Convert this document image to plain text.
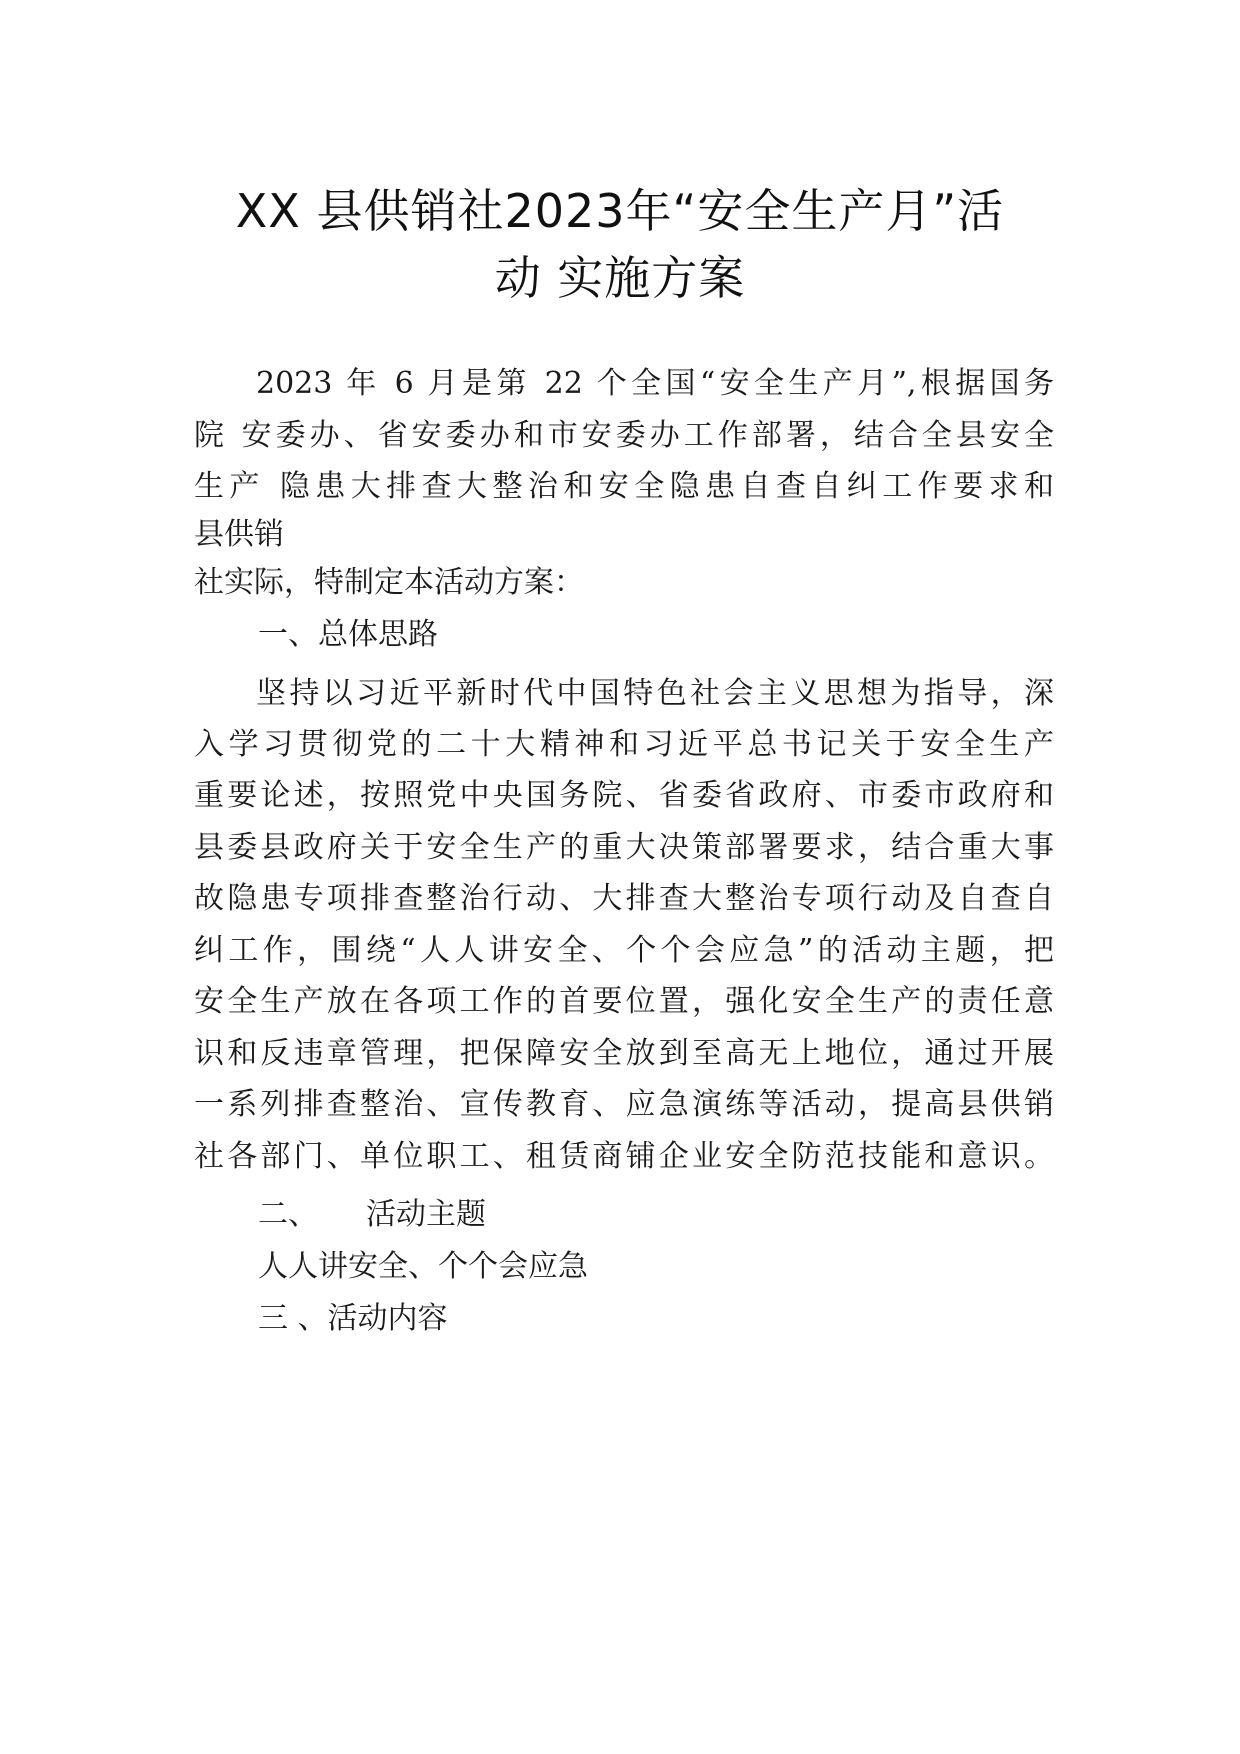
XX 县供销社2023年“安全生产月”活
动 实施方案
2023 年 6 月是第 22 个全国“安全生产月”,根据国务
院 安委办、省安委办和市安委办工作部署，结合全县安全
生产 隐患大排查大整治和安全隐患自查自纠工作要求和
县供销
社实际，特制定本活动方案：
一、总体思路
坚持以习近平新时代中国特色社会主义思想为指导，深
入学习贯彻党的二十大精神和习近平总书记关于安全生产
重要论述，按照党中央国务院、省委省政府、市委市政府和
县委县政府关于安全生产的重大决策部署要求，结合重大事
故隐患专项排查整治行动、大排查大整治专项行动及自查自
纠工作，围绕“人人讲安全、个个会应急”的活动主题，把
安全生产放在各项工作的首要位置，强化安全生产的责任意
识和反违章管理，把保障安全放到至高无上地位，通过开展
一系列排查整治、宣传教育、应急演练等活动，提高县供销
社各部门、单位职工、租赁商铺企业安全防范技能和意识。
二、 活动主题
人人讲安全、个个会应急
三 、活动内容
